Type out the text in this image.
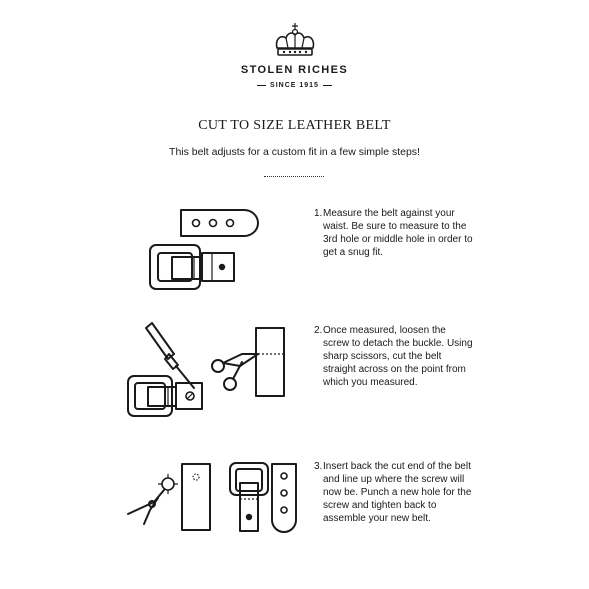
STOLEN RICHES
SINCE 1915
CUT TO SIZE LEATHER BELT
This belt adjusts for a custom fit in a few simple steps!
1. Measure the belt against your waist. Be sure to measure to the 3rd hole or middle hole in order to get a snug fit.
2. Once measured, loosen the screw to detach the buckle. Using sharp scissors, cut the belt straight across on the point from which you measured.
3. Insert back the cut end of the belt and line up where the screw will now be. Punch a new hole for the screw and tighten back to assemble your new belt.
